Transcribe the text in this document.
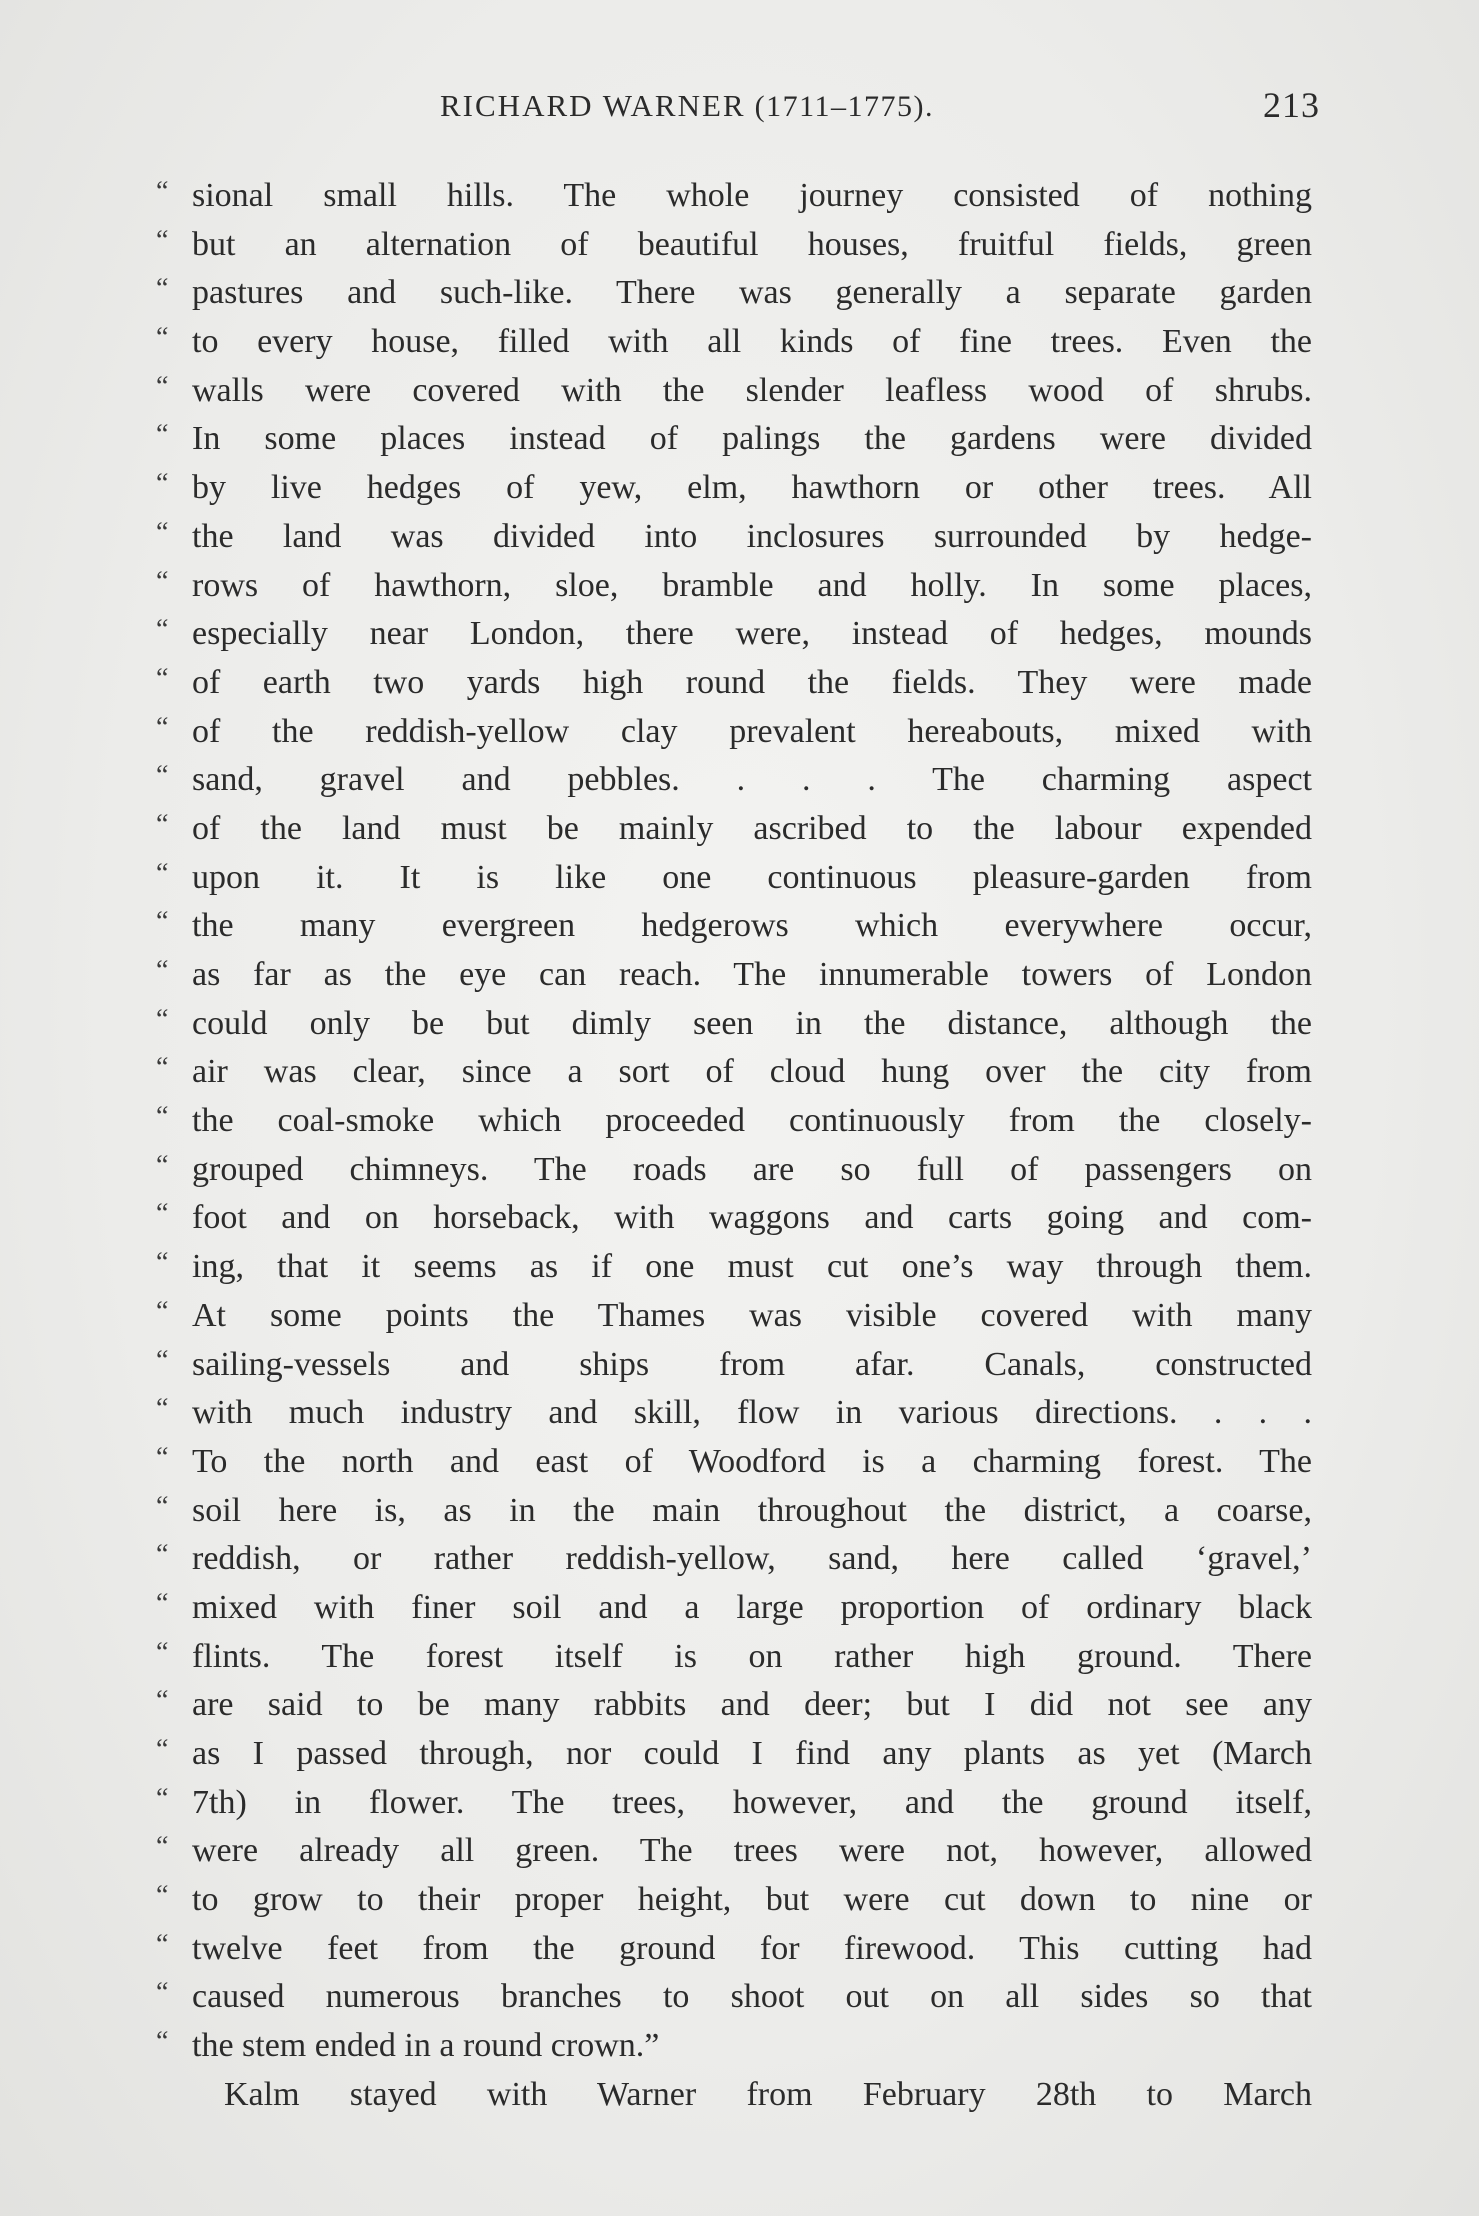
RICHARD WARNER (1711–1775).	213
“ sional small hills. The whole journey consisted of nothing
“ but an alternation of beautiful houses, fruitful fields, green
“ pastures and such-like. There was generally a separate garden
“ to every house, filled with all kinds of fine trees. Even the
“ walls were covered with the slender leafless wood of shrubs.
“ In some places instead of palings the gardens were divided
“ by live hedges of yew, elm, hawthorn or other trees. All
“ the land was divided into inclosures surrounded by hedge-
“ rows of hawthorn, sloe, bramble and holly. In some places,
“ especially near London, there were, instead of hedges, mounds
“ of earth two yards high round the fields. They were made
“ of the reddish-yellow clay prevalent hereabouts, mixed with
“ sand, gravel and pebbles. . . . The charming aspect
“ of the land must be mainly ascribed to the labour expended
“ upon it. It is like one continuous pleasure-garden from
“ the many evergreen hedgerows which everywhere occur,
“ as far as the eye can reach. The innumerable towers of London
“ could only be but dimly seen in the distance, although the
“ air was clear, since a sort of cloud hung over the city from
“ the coal-smoke which proceeded continuously from the closely-
“ grouped chimneys. The roads are so full of passengers on
“ foot and on horseback, with waggons and carts going and com-
“ ing, that it seems as if one must cut one’s way through them.
“ At some points the Thames was visible covered with many
“ sailing-vessels and ships from afar. Canals, constructed
“ with much industry and skill, flow in various directions. . . .
“ To the north and east of Woodford is a charming forest. The
“ soil here is, as in the main throughout the district, a coarse,
“ reddish, or rather reddish-yellow, sand, here called ‘gravel,’
“ mixed with finer soil and a large proportion of ordinary black
“ flints. The forest itself is on rather high ground. There
“ are said to be many rabbits and deer; but I did not see any
“ as I passed through, nor could I find any plants as yet (March
“ 7th) in flower. The trees, however, and the ground itself,
“ were already all green. The trees were not, however, allowed
“ to grow to their proper height, but were cut down to nine or
“ twelve feet from the ground for firewood. This cutting had
“ caused numerous branches to shoot out on all sides so that
“ the stem ended in a round crown.”
Kalm stayed with Warner from February 28th to March
